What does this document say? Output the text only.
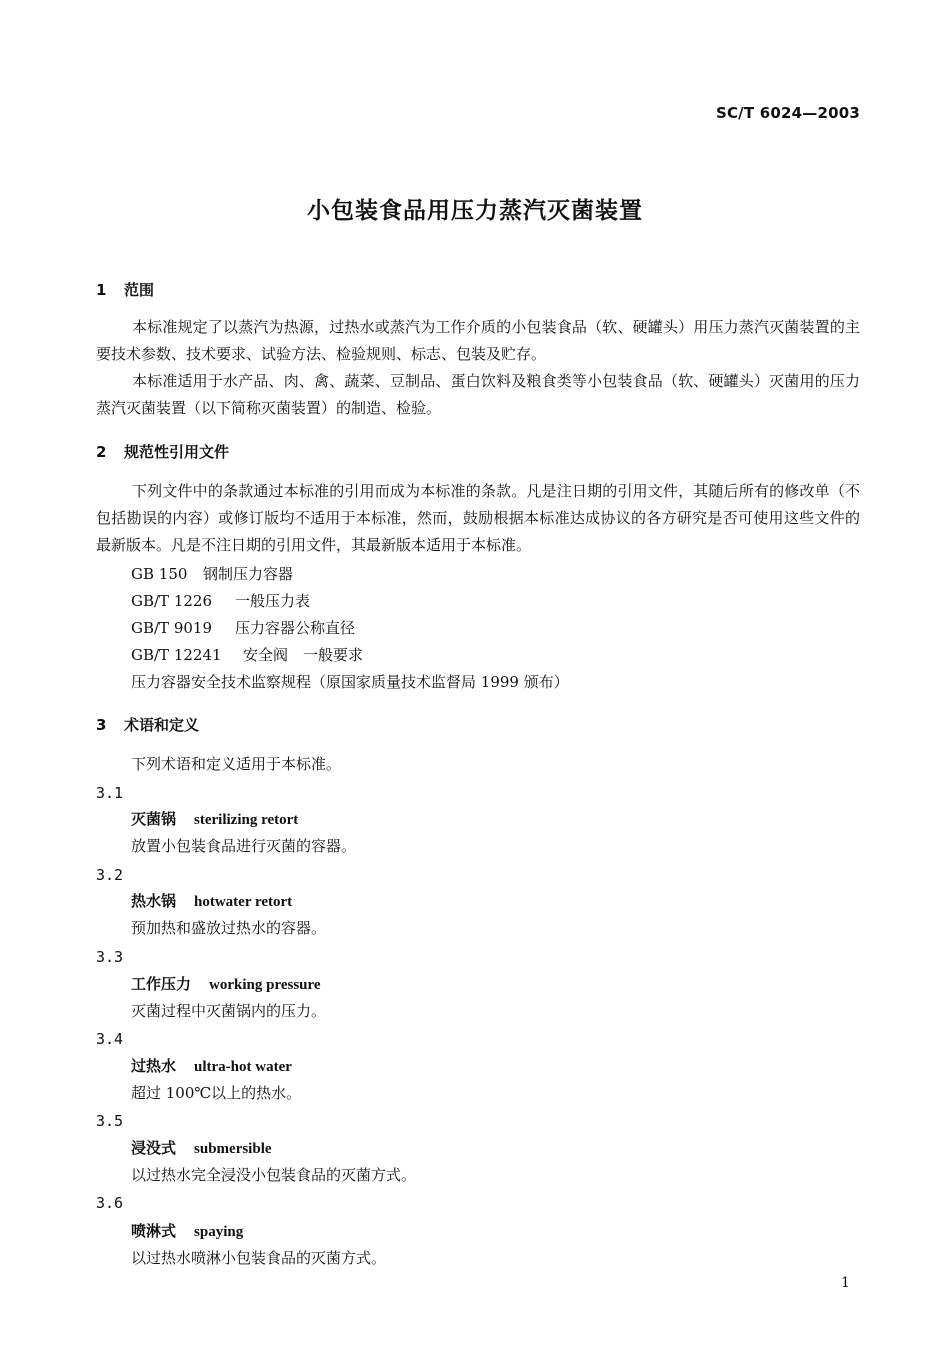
SC/T 6024—2003
小包装食品用压力蒸汽灭菌装置
1 范围
本标准规定了以蒸汽为热源，过热水或蒸汽为工作介质的小包装食品（软、硬罐头）用压力蒸汽灭菌装置的主要技术参数、技术要求、试验方法、检验规则、标志、包装及贮存。
本标准适用于水产品、肉、禽、蔬菜、豆制品、蛋白饮料及粮食类等小包装食品（软、硬罐头）灭菌用的压力蒸汽灭菌装置（以下简称灭菌装置）的制造、检验。
2 规范性引用文件
下列文件中的条款通过本标准的引用而成为本标准的条款。凡是注日期的引用文件，其随后所有的修改单（不包括勘误的内容）或修订版均不适用于本标准，然而，鼓励根据本标准达成协议的各方研究是否可使用这些文件的最新版本。凡是不注日期的引用文件，其最新版本适用于本标准。
GB 150 钢制压力容器
GB/T 1226 一般压力表
GB/T 9019 压力容器公称直径
GB/T 12241 安全阀　一般要求
压力容器安全技术监察规程（原国家质量技术监督局 1999 颁布）
3 术语和定义
下列术语和定义适用于本标准。
3.1
灭菌锅 sterilizing retort
放置小包装食品进行灭菌的容器。
3.2
热水锅 hotwater retort
预加热和盛放过热水的容器。
3.3
工作压力 working pressure
灭菌过程中灭菌锅内的压力。
3.4
过热水 ultra-hot water
超过 100℃以上的热水。
3.5
浸没式 submersible
以过热水完全浸没小包装食品的灭菌方式。
3.6
喷淋式 spaying
以过热水喷淋小包装食品的灭菌方式。
1
